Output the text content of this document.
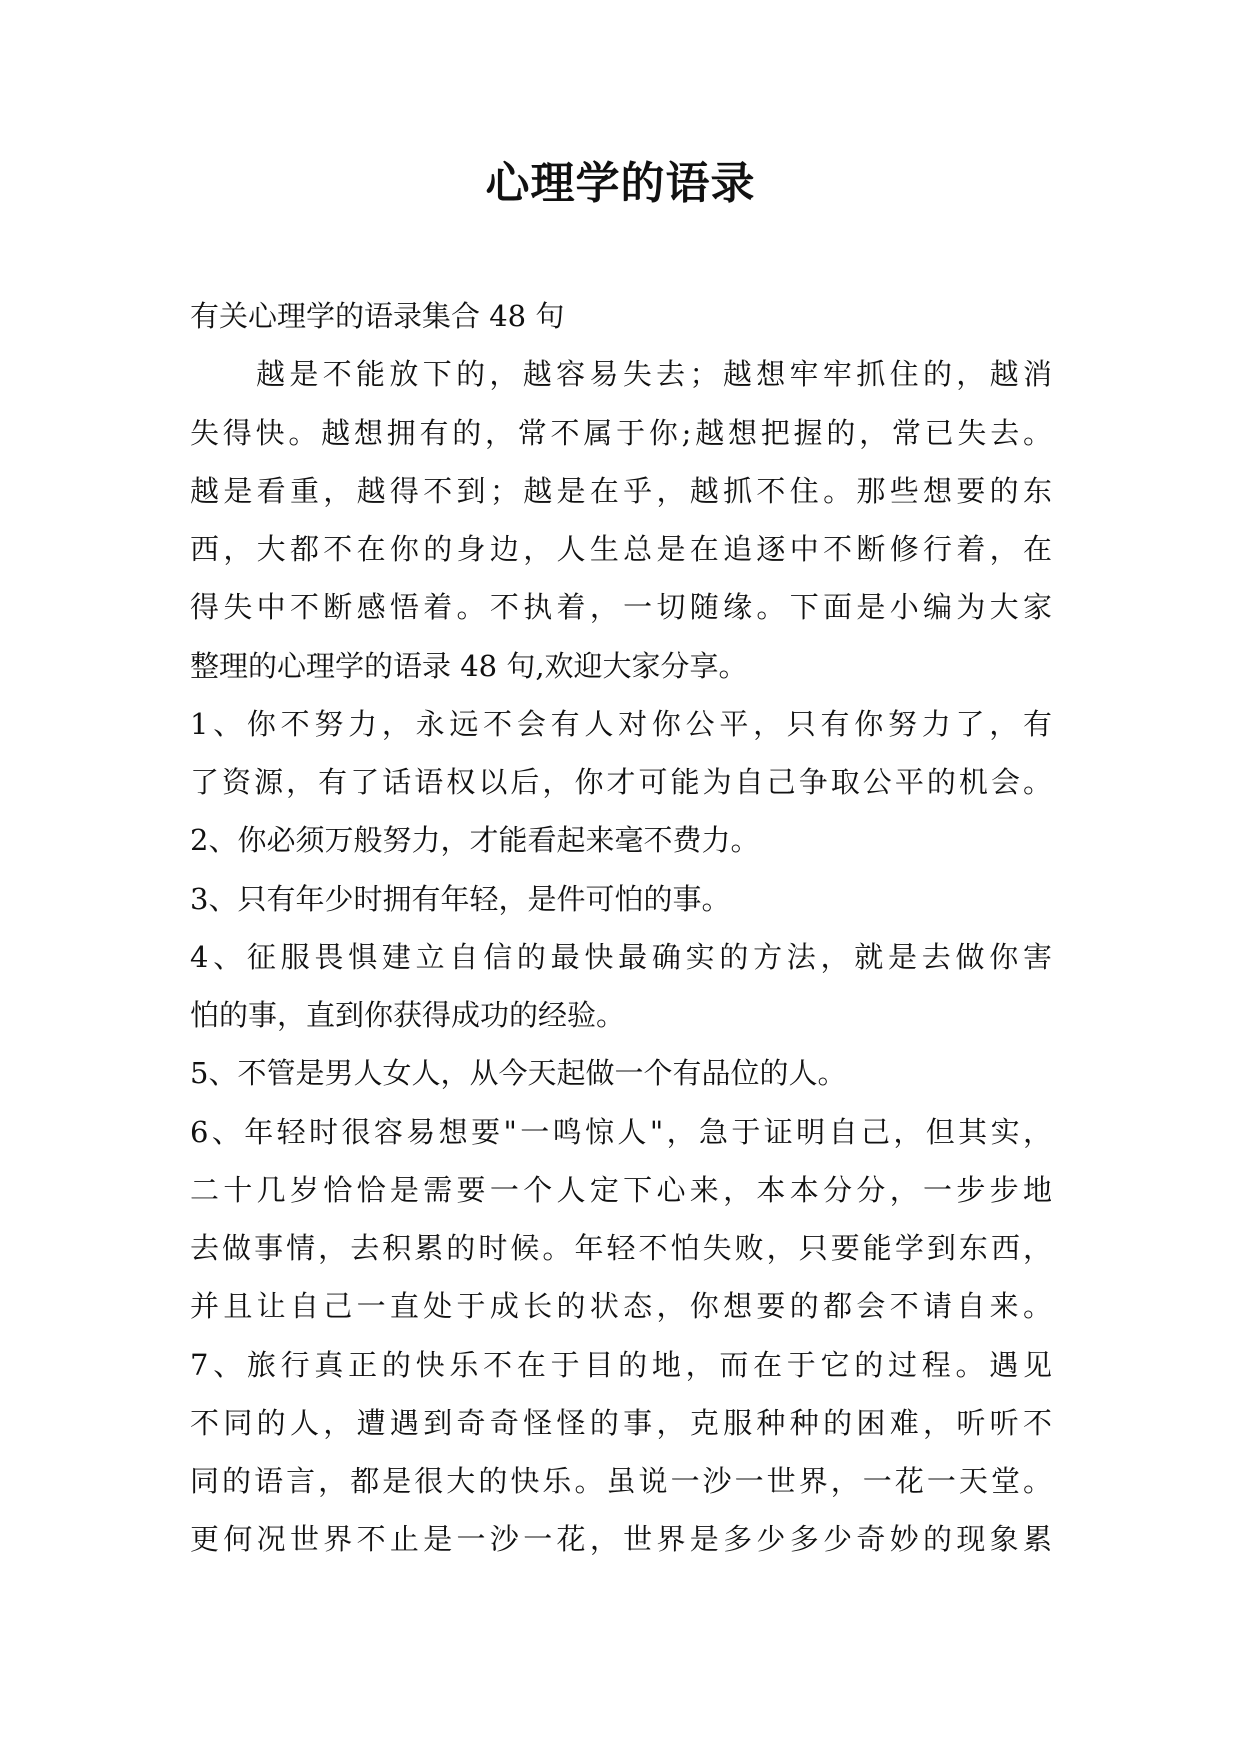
心理学的语录
有关心理学的语录集合 48 句
越是不能放下的，越容易失去；越想牢牢抓住的，越消
失得快。越想拥有的，常不属于你;越想把握的，常已失去。
越是看重，越得不到；越是在乎，越抓不住。那些想要的东
西，大都不在你的身边，人生总是在追逐中不断修行着，在
得失中不断感悟着。不执着，一切随缘。下面是小编为大家
整理的心理学的语录 48 句,欢迎大家分享。
1、你不努力，永远不会有人对你公平，只有你努力了，有
了资源，有了话语权以后，你才可能为自己争取公平的机会。
2、你必须万般努力，才能看起来毫不费力。
3、只有年少时拥有年轻，是件可怕的事。
4、征服畏惧建立自信的最快最确实的方法，就是去做你害
怕的事，直到你获得成功的经验。
5、不管是男人女人，从今天起做一个有品位的人。
6、年轻时很容易想要"一鸣惊人"，急于证明自己，但其实，
二十几岁恰恰是需要一个人定下心来，本本分分，一步步地
去做事情，去积累的时候。年轻不怕失败，只要能学到东西，
并且让自己一直处于成长的状态，你想要的都会不请自来。
7、旅行真正的快乐不在于目的地，而在于它的过程。遇见
不同的人，遭遇到奇奇怪怪的事，克服种种的困难，听听不
同的语言，都是很大的快乐。虽说一沙一世界，一花一天堂。
更何况世界不止是一沙一花，世界是多少多少奇妙的现象累
